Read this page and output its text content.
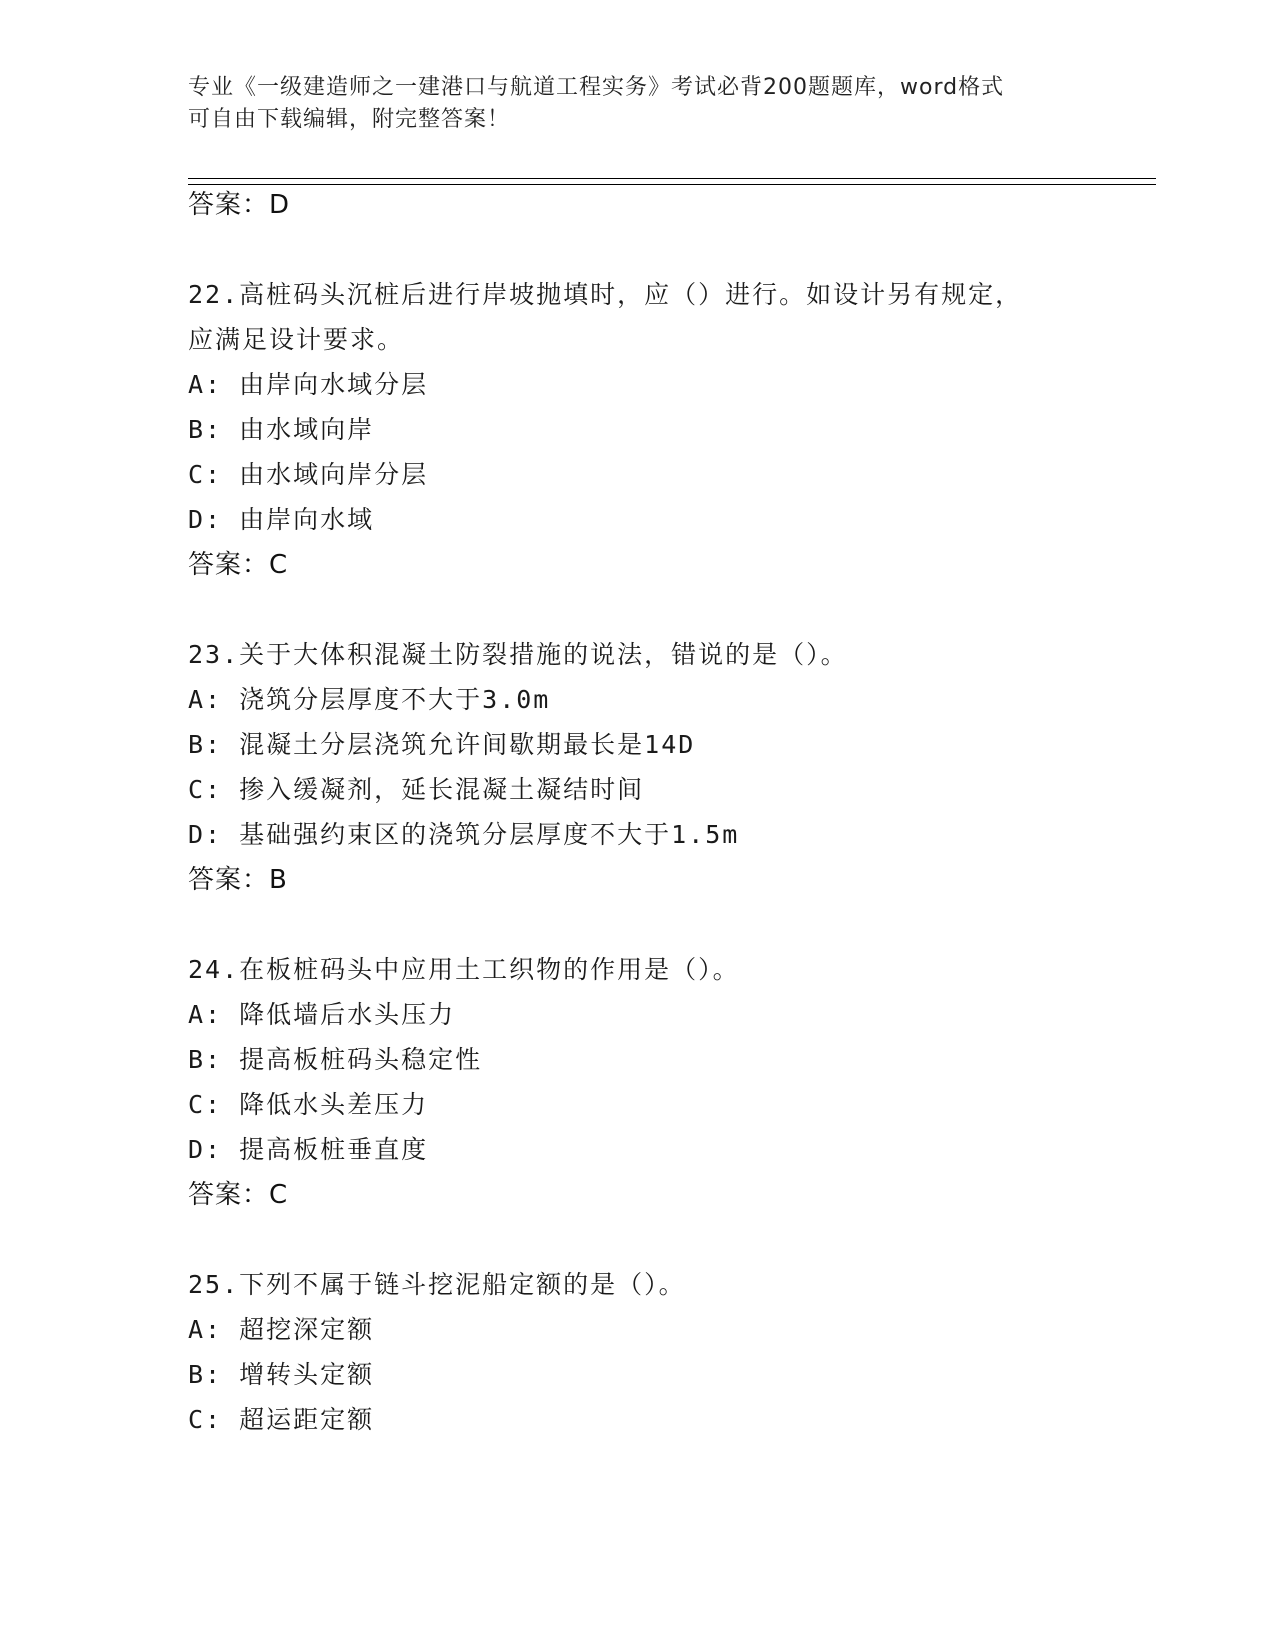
专业《一级建造师之一建港口与航道工程实务》考试必背200题题库，word格式
可自由下载编辑，附完整答案！
答案：D
22.高桩码头沉桩后进行岸坡抛填时，应（）进行。如设计另有规定，
应满足设计要求。
A: 由岸向水域分层
B: 由水域向岸
C: 由水域向岸分层
D: 由岸向水域
答案：C
23.关于大体积混凝土防裂措施的说法，错说的是（）。
A: 浇筑分层厚度不大于3.0m
B: 混凝土分层浇筑允许间歇期最长是14D
C: 掺入缓凝剂，延长混凝土凝结时间
D: 基础强约束区的浇筑分层厚度不大于1.5m
答案：B
24.在板桩码头中应用土工织物的作用是（）。
A: 降低墙后水头压力
B: 提高板桩码头稳定性
C: 降低水头差压力
D: 提高板桩垂直度
答案：C
25.下列不属于链斗挖泥船定额的是（）。
A: 超挖深定额
B: 增转头定额
C: 超运距定额
